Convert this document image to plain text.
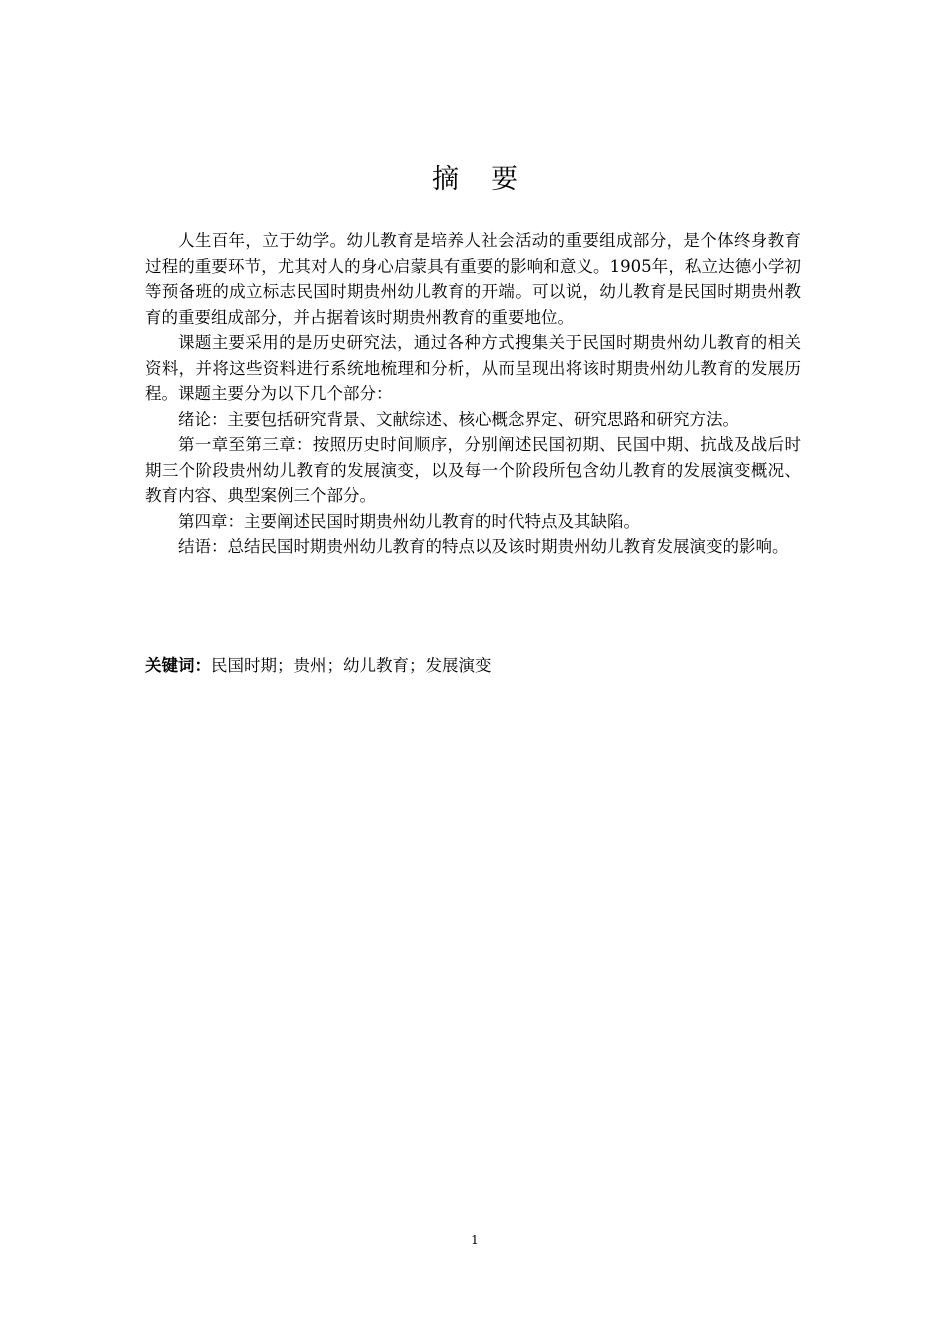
摘 要

人生百年，立于幼学。幼儿教育是培养人社会活动的重要组成部分，是个体终身教育过程的重要环节，尤其对人的身心启蒙具有重要的影响和意义。1905年，私立达德小学初等预备班的成立标志民国时期贵州幼儿教育的开端。可以说，幼儿教育是民国时期贵州教育的重要组成部分，并占据着该时期贵州教育的重要地位。

课题主要采用的是历史研究法，通过各种方式搜集关于民国时期贵州幼儿教育的相关资料，并将这些资料进行系统地梳理和分析，从而呈现出将该时期贵州幼儿教育的发展历程。课题主要分为以下几个部分：

绪论：主要包括研究背景、文献综述、核心概念界定、研究思路和研究方法。

第一章至第三章：按照历史时间顺序，分别阐述民国初期、民国中期、抗战及战后时期三个阶段贵州幼儿教育的发展演变，以及每一个阶段所包含幼儿教育的发展演变概况、教育内容、典型案例三个部分。

第四章：主要阐述民国时期贵州幼儿教育的时代特点及其缺陷。

结语：总结民国时期贵州幼儿教育的特点以及该时期贵州幼儿教育发展演变的影响。

关键词：民国时期；贵州；幼儿教育；发展演变
1
